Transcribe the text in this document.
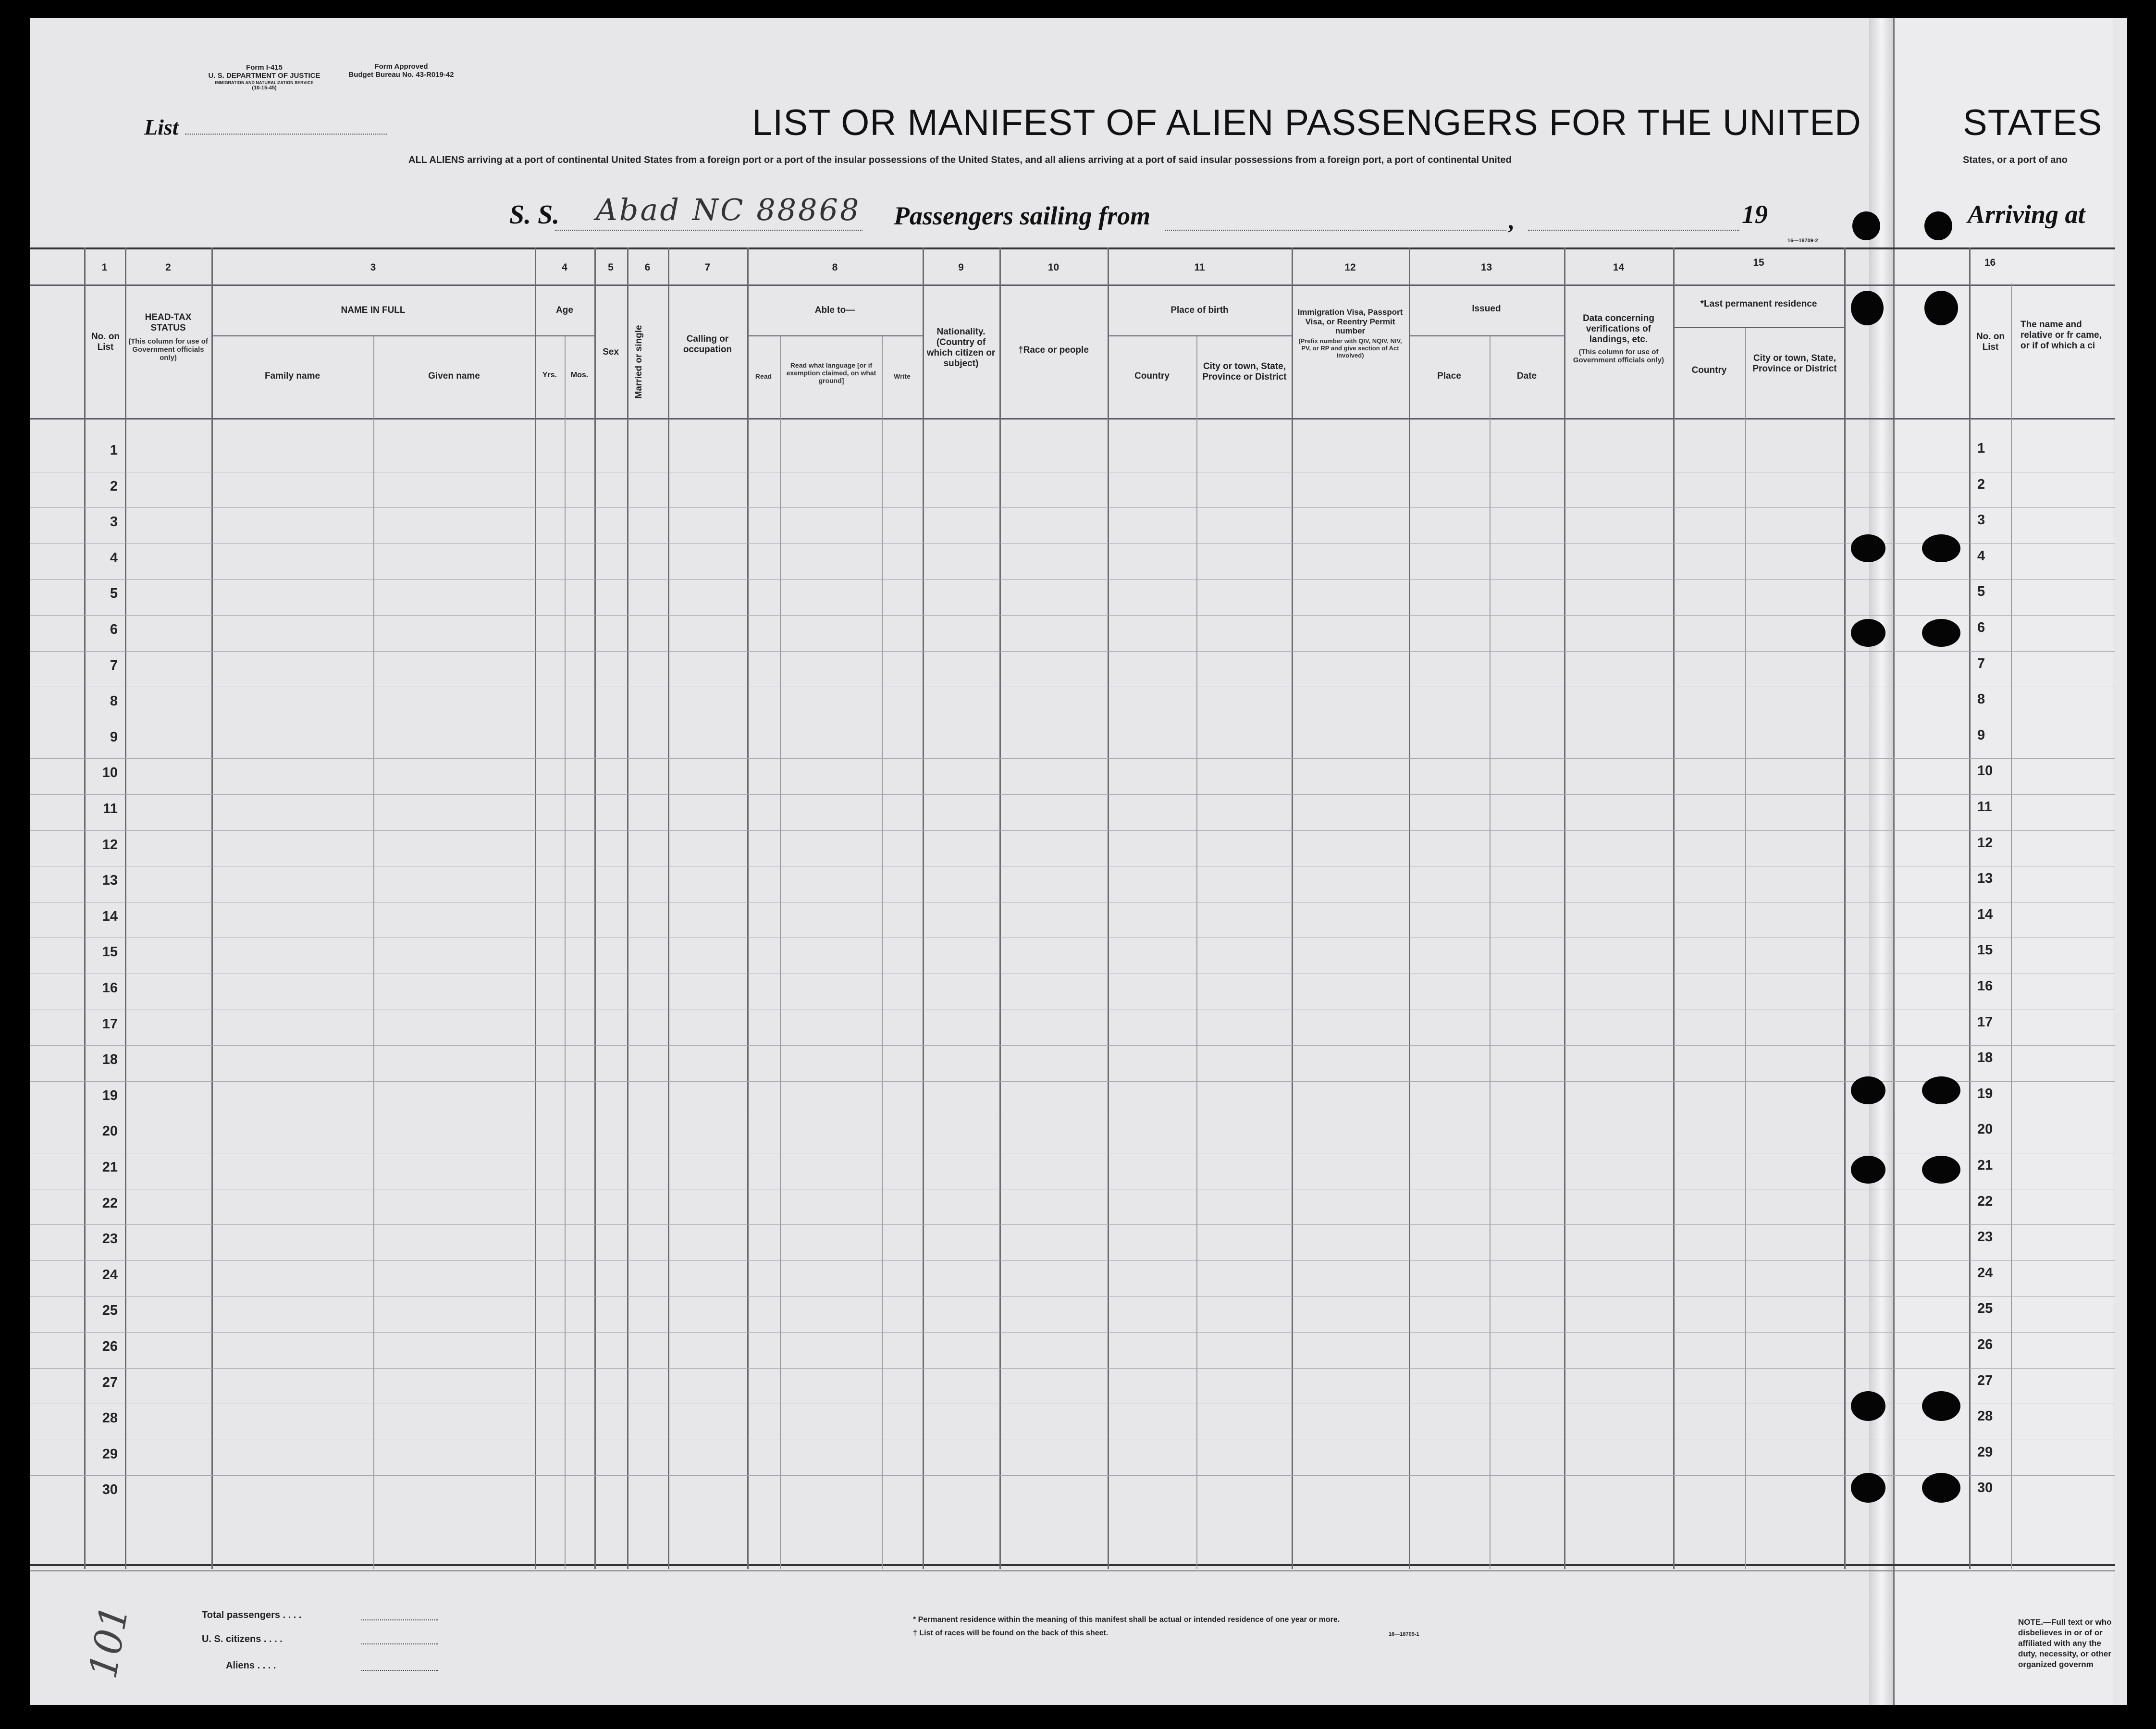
Form I-415
U. S. DEPARTMENT OF JUSTICE
IMMIGRATION AND NATURALIZATION SERVICE
(10-15-45)
Form Approved
Budget Bureau No. 43-R019-42
List	LIST OR MANIFEST OF ALIEN PASSENGERS FOR THE UNITED	STATES
ALL ALIENS arriving at a port of continental United States from a foreign port or a port of the insular possessions of the United States, and all aliens arriving at a port of said insular possessions from a foreign port, a port of continental United	States, or a port of ano
S. S. Abad NC 88868 Passengers sailing from	,	19	Arriving at
16—18709-2
1	2	3	4	5	6	7	8	9	10	11	12	13	14	15	16
No. on List
HEAD-TAX STATUS
(This column for use of Government officials only)
NAME IN FULL
Family name	Given name
Age
Yrs.	Mos.
Sex	Married or single	Calling or occupation
Able to—
Read
Read what language [or if exemption claimed, on what ground]
Write
Nationality. (Country of which citizen or subject)
†Race or people
Place of birth
Country
City or town, State, Province or District
Immigration Visa, Passport Visa, or Reentry Permit number
(Prefix number with QIV, NQIV, NIV, PV, or RP and give section of Act involved)
Issued
Place	Date
Data concerning verifications of landings, etc.
(This column for use of Government officials only)
*Last permanent residence
Country
City or town, State, Province or District
No. on List
The name and relative or fr came, or if of which a ci
1	1
2	2
3	3
4	4
5	5
6	6
7	7
8	8
9	9
10	10
11	11
12	12
13	13
14	14
15	15
16	16
17	17
18	18
19	19
20	20
21	21
22	22
23	23
24	24
25	25
26	26
27	27
28	28
29	29
30	30
Total passengers . . . .
U. S. citizens . . . .
Aliens . . . .
101	* Permanent residence within the meaning of this manifest shall be actual or intended residence of one year or more.
† List of races will be found on the back of this sheet.	16—18709-1
NOTE.—Full text or who disbelieves in or of or affiliated with any the duty, necessity, or other organized governm
